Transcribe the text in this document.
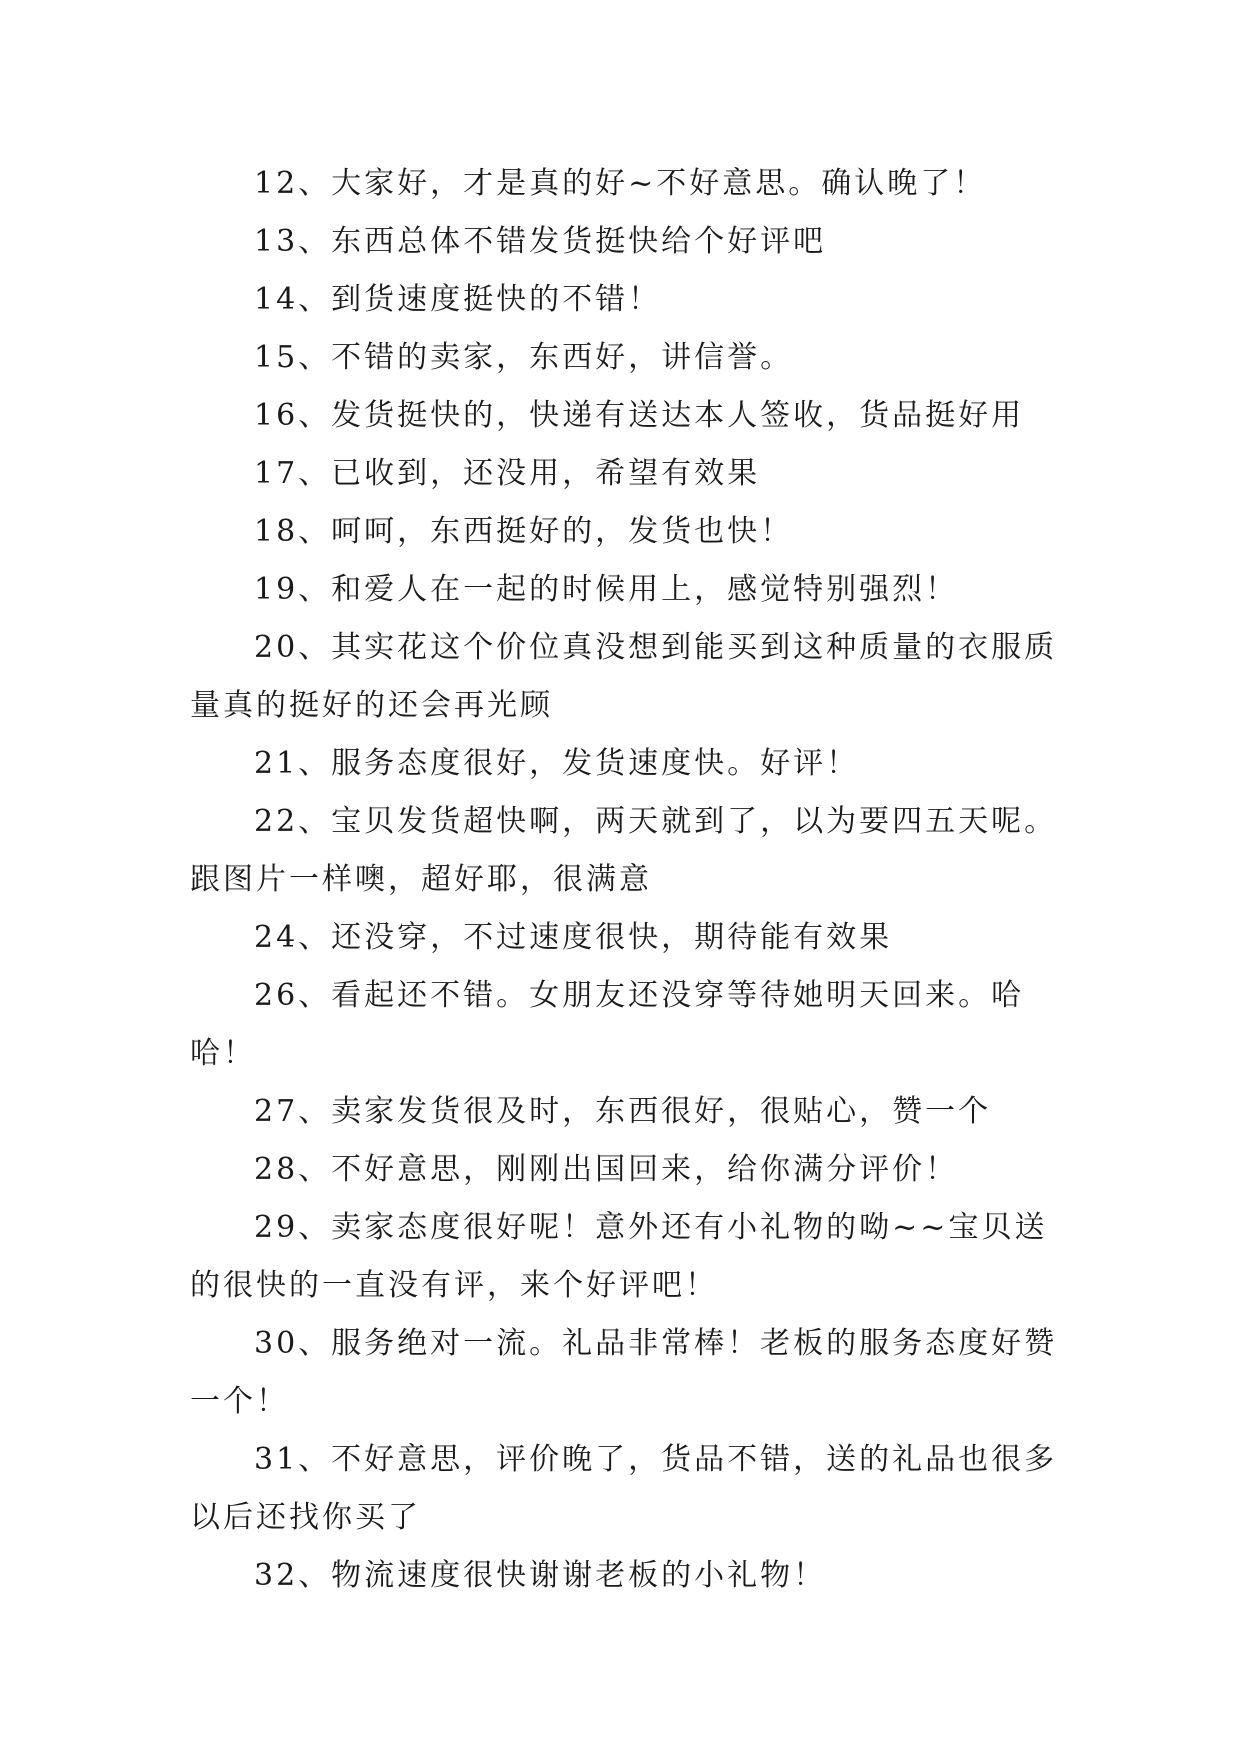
12、大家好，才是真的好~不好意思。确认晚了！

13、东西总体不错发货挺快给个好评吧

14、到货速度挺快的不错！

15、不错的卖家，东西好，讲信誉。

16、发货挺快的，快递有送达本人签收，货品挺好用

17、已收到，还没用，希望有效果

18、呵呵，东西挺好的，发货也快！

19、和爱人在一起的时候用上，感觉特别强烈！

20、其实花这个价位真没想到能买到这种质量的衣服质量真的挺好的还会再光顾

21、服务态度很好，发货速度快。好评！

22、宝贝发货超快啊，两天就到了，以为要四五天呢。跟图片一样噢，超好耶，很满意

24、还没穿，不过速度很快，期待能有效果

26、看起还不错。女朋友还没穿等待她明天回来。哈哈！

27、卖家发货很及时，东西很好，很贴心，赞一个

28、不好意思，刚刚出国回来，给你满分评价！

29、卖家态度很好呢！意外还有小礼物的呦~~宝贝送的很快的一直没有评，来个好评吧！

30、服务绝对一流。礼品非常棒！老板的服务态度好赞一个！

31、不好意思，评价晚了，货品不错，送的礼品也很多以后还找你买了

32、物流速度很快谢谢老板的小礼物！
